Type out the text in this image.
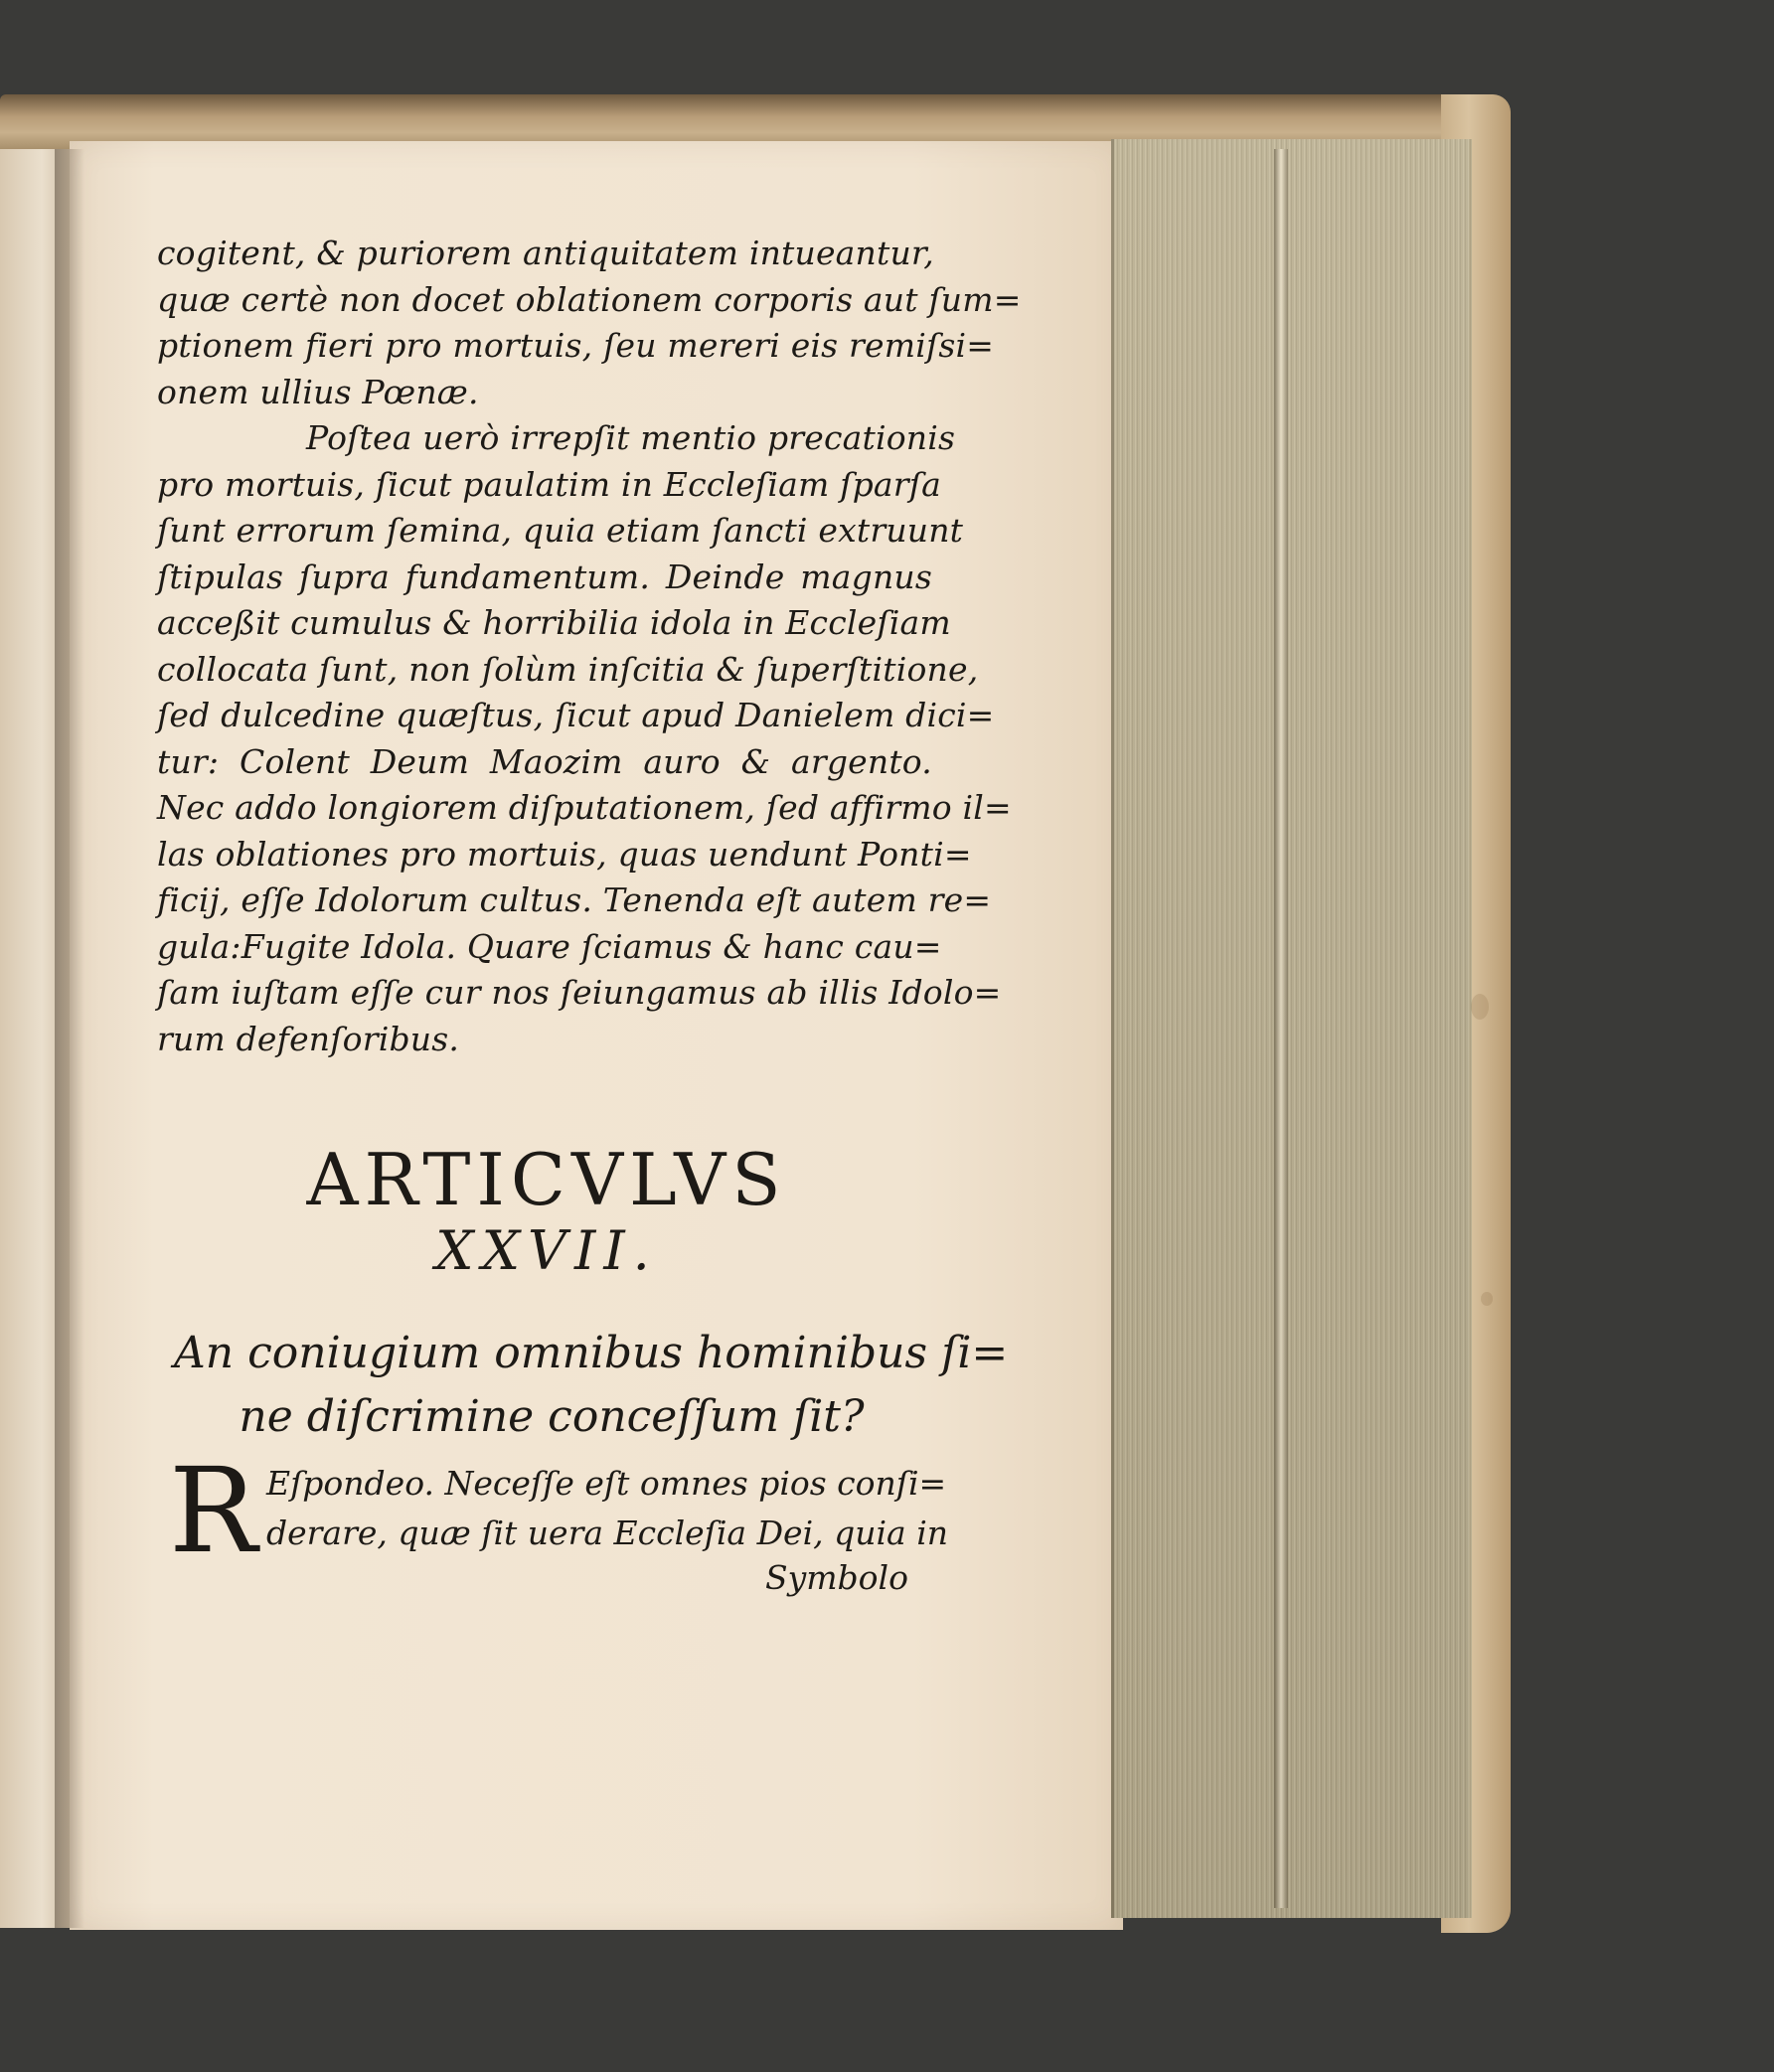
cogitent, & puriorem antiquitatem intueantur,
quæ certè non docet oblationem corporis aut ſum=
ptionem fieri pro mortuis, ſeu mereri eis remiſsi=
onem ullius Pœnæ.
Poſtea uerò irrepſit mentio precationis
pro mortuis, ſicut paulatim in Eccleſiam ſparſa
ſunt errorum ſemina, quia etiam ſancti extruunt
ſtipulas ſupra fundamentum. Deinde magnus
acceßit cumulus & horribilia idola in Eccleſiam
collocata ſunt, non ſolùm inſcitia & ſuperſtitione,
ſed dulcedine quæſtus, ſicut apud Danielem dici=
tur: Colent Deum Maozim auro & argento.
Nec addo longiorem diſputationem, ſed affirmo il=
las oblationes pro mortuis, quas uendunt Ponti=
ficij, eſſe Idolorum cultus. Tenenda eſt autem re=
gula:Fugite Idola. Quare ſciamus & hanc cau=
ſam iuſtam eſſe cur nos ſeiungamus ab illis Idolo=
rum defenſoribus.
ARTICVLVS
XXVII.
An coniugium omnibus hominibus ſi=
ne diſcrimine conceſſum ſit?
R Eſpondeo. Neceſſe eſt omnes pios conſi=
derare, quæ ſit uera Eccleſia Dei, quia in
Symbolo
